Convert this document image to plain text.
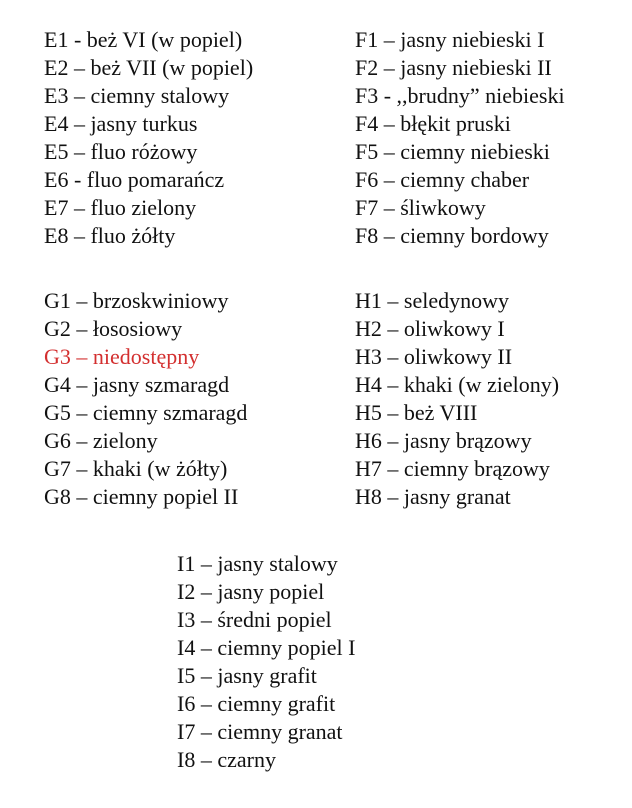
E1 - beż VI (w popiel)
E2 – beż VII (w popiel)
E3 – ciemny stalowy
E4 – jasny turkus
E5 – fluo różowy
E6 - fluo pomarańcz
E7 – fluo zielony
E8 – fluo żółty
F1 – jasny niebieski I
F2 – jasny niebieski II
F3 - ,,brudny” niebieski
F4 – błękit pruski
F5 – ciemny niebieski
F6 – ciemny chaber
F7 – śliwkowy
F8 – ciemny bordowy
G1 – brzoskwiniowy
G2 – łososiowy
G3 – niedostępny
G4 – jasny szmaragd
G5 – ciemny szmaragd
G6 – zielony
G7 – khaki (w żółty)
G8 – ciemny popiel II
H1 – seledynowy
H2 – oliwkowy I
H3 – oliwkowy II
H4 – khaki (w zielony)
H5 – beż VIII
H6 – jasny brązowy
H7 – ciemny brązowy
H8 – jasny granat
I1 – jasny stalowy
I2 – jasny popiel
I3 – średni popiel
I4 – ciemny popiel I
I5 – jasny grafit
I6 – ciemny grafit
I7 – ciemny granat
I8 – czarny
